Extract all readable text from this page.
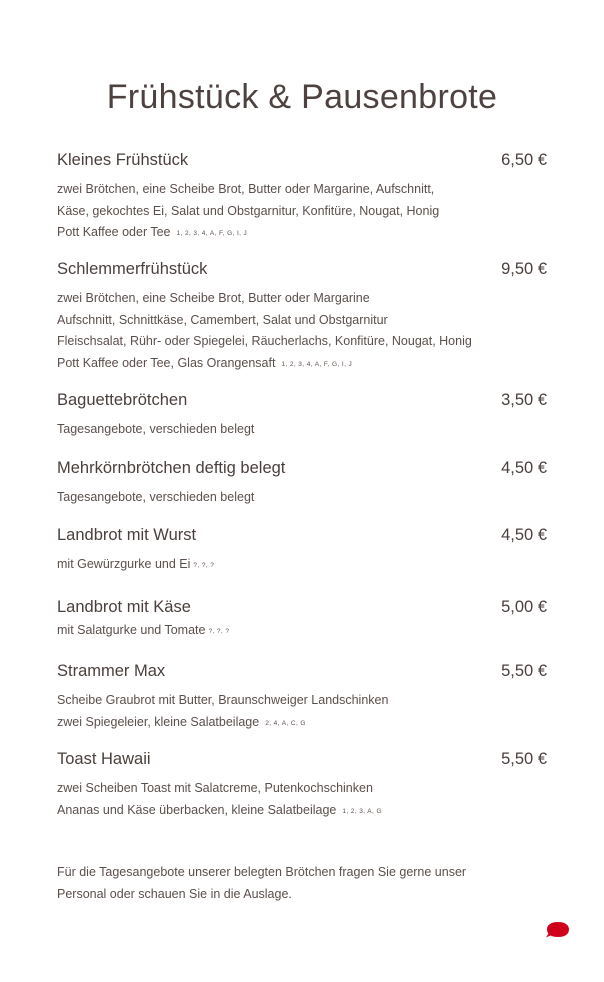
Frühstück & Pausenbrote
Kleines Frühstück	6,50 €
zwei Brötchen, eine Scheibe Brot, Butter oder Margarine, Aufschnitt,
Käse, gekochtes Ei, Salat und Obstgarnitur, Konfitüre, Nougat, Honig
Pott Kaffee oder Tee 1, 2, 3, 4, A, F, G, I, J
Schlemmerfrühstück	9,50 €
zwei Brötchen, eine Scheibe Brot, Butter oder Margarine
Aufschnitt, Schnittkäse, Camembert, Salat und Obstgarnitur
Fleischsalat, Rühr- oder Spiegelei, Räucherlachs, Konfitüre, Nougat, Honig
Pott Kaffee oder Tee, Glas Orangensaft 1, 2, 3, 4, A, F, G, I, J
Baguettebrötchen	3,50 €
Tagesangebote, verschieden belegt
Mehrkörnbrötchen deftig belegt	4,50 €
Tagesangebote, verschieden belegt
Landbrot mit Wurst	4,50 €
mit Gewürzgurke und Ei ?, ?, ?
Landbrot mit Käse	5,00 €
mit Salatgurke und Tomate ?, ?, ?
Strammer Max	5,50 €
Scheibe Graubrot mit Butter, Braunschweiger Landschinken
zwei Spiegeleier, kleine Salatbeilage 2, 4, A, C, G
Toast Hawaii	5,50 €
zwei Scheiben Toast mit Salatcreme, Putenkochschinken
Ananas und Käse überbacken, kleine Salatbeilage 1, 2, 3, A, G
Für die Tagesangebote unserer belegten Brötchen fragen Sie gerne unser
Personal oder schauen Sie in die Auslage.
